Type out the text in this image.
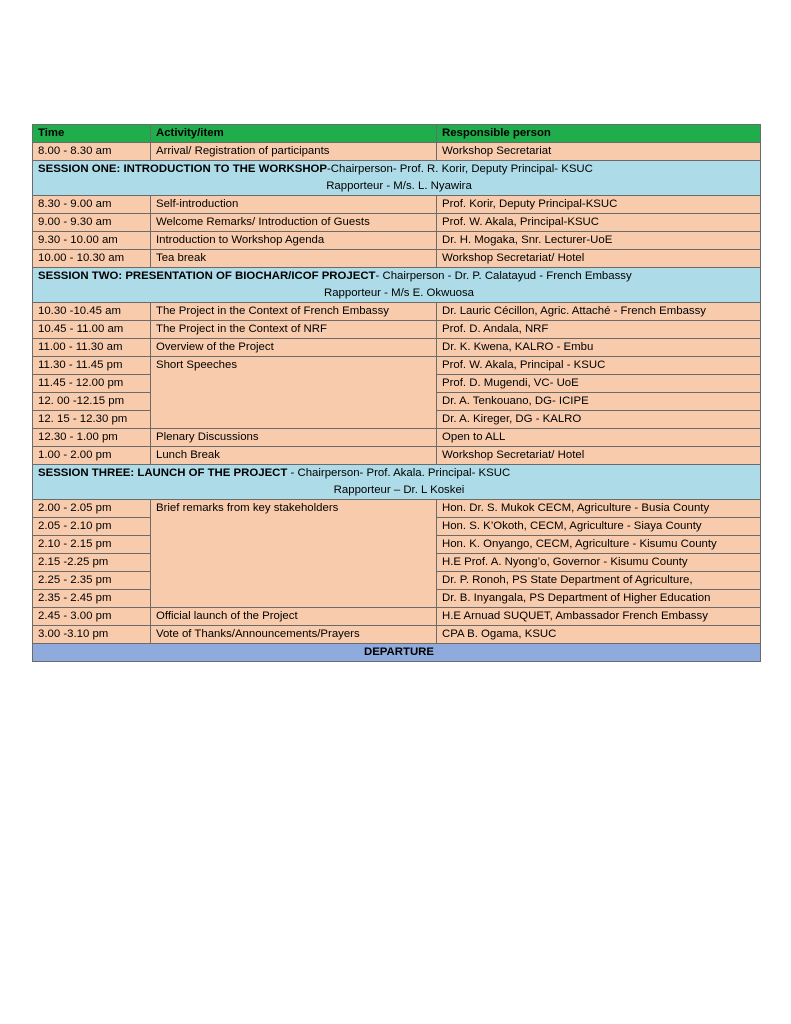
Time	Activity/item	Responsible person
8.00 - 8.30 am	Arrival/ Registration of participants	Workshop Secretariat

SESSION ONE: INTRODUCTION TO THE WORKSHOP-Chairperson- Prof. R. Korir, Deputy Principal- KSUC
Rapporteur - M/s. L. Nyawira		

8.30 - 9.00 am	Self-introduction	Prof. Korir, Deputy Principal-KSUC
9.00 - 9.30 am	Welcome Remarks/ Introduction of Guests	Prof. W. Akala, Principal-KSUC
9.30 - 10.00 am	Introduction to Workshop Agenda	Dr. H. Mogaka, Snr. Lecturer-UoE
10.00 - 10.30 am	Tea break	Workshop Secretariat/ Hotel

SESSION TWO: PRESENTATION OF BIOCHAR/ICOF PROJECT- Chairperson - Dr. P. Calatayud - French Embassy
Rapporteur - M/s E. Okwuosa		

10.30 -10.45 am	The Project in the Context of French Embassy	Dr. Lauric Cécillon, Agric. Attaché - French Embassy
10.45 - 11.00 am	The Project in the Context of NRF	Prof. D. Andala, NRF
11.00 - 11.30 am	Overview of the Project	Dr. K. Kwena, KALRO - Embu
11.30 - 11.45 pm	Short Speeches	Prof. W. Akala, Principal - KSUC
11.45 - 12.00 pm		Prof. D. Mugendi, VC- UoE
12. 00 -12.15 pm		Dr. A. Tenkouano, DG- ICIPE
12. 15 - 12.30 pm		Dr. A. Kireger, DG - KALRO
12.30 - 1.00 pm	Plenary Discussions	Open to ALL
1.00 - 2.00 pm	Lunch Break	Workshop Secretariat/ Hotel

SESSION THREE: LAUNCH OF THE PROJECT - Chairperson- Prof. Akala. Principal- KSUC
Rapporteur – Dr. L Koskei		

2.00 - 2.05 pm	Brief remarks from key stakeholders	Hon. Dr. S. Mukok CECM, Agriculture - Busia County
2.05 - 2.10 pm		Hon. S. K’Okoth, CECM, Agriculture - Siaya County
2.10 - 2.15 pm		Hon. K. Onyango, CECM, Agriculture - Kisumu County
2.15 -2.25 pm		H.E Prof. A. Nyong’o, Governor - Kisumu County
2.25 - 2.35 pm		Dr. P. Ronoh, PS State Department of Agriculture,
2.35 - 2.45 pm		Dr. B. Inyangala, PS Department of Higher Education
2.45 - 3.00 pm	Official launch of the Project	H.E Arnuad SUQUET, Ambassador French Embassy
3.00 -3.10 pm	Vote of Thanks/Announcements/Prayers	CPA B. Ogama, KSUC
DEPARTURE		
